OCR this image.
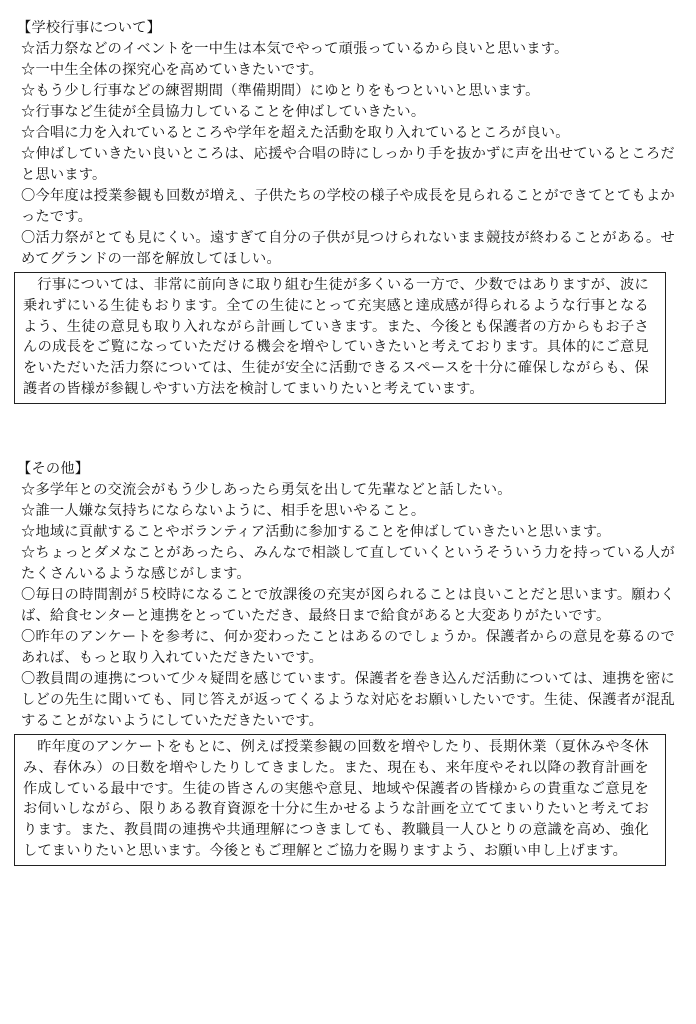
【学校行事について】

☆活力祭などのイベントを一中生は本気でやって頑張っているから良いと思います。
☆一中生全体の探究心を高めていきたいです。
☆もう少し行事などの練習期間（準備期間）にゆとりをもつといいと思います。
☆行事など生徒が全員協力していることを伸ばしていきたい。
☆合唱に力を入れているところや学年を超えた活動を取り入れているところが良い。
☆伸ばしていきたい良いところは、応援や合唱の時にしっかり手を抜かずに声を出せているところだと思います。
〇今年度は授業参観も回数が増え、子供たちの学校の様子や成長を見られることができてとてもよかったです。
〇活力祭がとても見にくい。遠すぎて自分の子供が見つけられないまま競技が終わることがある。せめてグランドの一部を解放してほしい。

行事については、非常に前向きに取り組む生徒が多くいる一方で、少数ではありますが、波に乗れずにいる生徒もおります。全ての生徒にとって充実感と達成感が得られるような行事となるよう、生徒の意見も取り入れながら計画していきます。また、今後とも保護者の方からもお子さんの成長をご覧になっていただける機会を増やしていきたいと考えております。具体的にご意見をいただいた活力祭については、生徒が安全に活動できるスペースを十分に確保しながらも、保護者の皆様が参観しやすい方法を検討してまいりたいと考えています。

【その他】

☆多学年との交流会がもう少しあったら勇気を出して先輩などと話したい。
☆誰一人嫌な気持ちにならないように、相手を思いやること。
☆地域に貢献することやボランティア活動に参加することを伸ばしていきたいと思います。
☆ちょっとダメなことがあったら、みんなで相談して直していくというそういう力を持っている人がたくさんいるような感じがします。
〇毎日の時間割が５校時になることで放課後の充実が図られることは良いことだと思います。願わくば、給食センターと連携をとっていただき、最終日まで給食があると大変ありがたいです。
〇昨年のアンケートを参考に、何か変わったことはあるのでしょうか。保護者からの意見を募るのであれば、もっと取り入れていただきたいです。
〇教員間の連携について少々疑問を感じています。保護者を巻き込んだ活動については、連携を密にしどの先生に聞いても、同じ答えが返ってくるような対応をお願いしたいです。生徒、保護者が混乱することがないようにしていただきたいです。

昨年度のアンケートをもとに、例えば授業参観の回数を増やしたり、長期休業（夏休みや冬休み、春休み）の日数を増やしたりしてきました。また、現在も、来年度やそれ以降の教育計画を作成している最中です。生徒の皆さんの実態や意見、地域や保護者の皆様からの貴重なご意見をお伺いしながら、限りある教育資源を十分に生かせるような計画を立ててまいりたいと考えております。また、教員間の連携や共通理解につきましても、教職員一人ひとりの意識を高め、強化してまいりたいと思います。今後ともご理解とご協力を賜りますよう、お願い申し上げます。
